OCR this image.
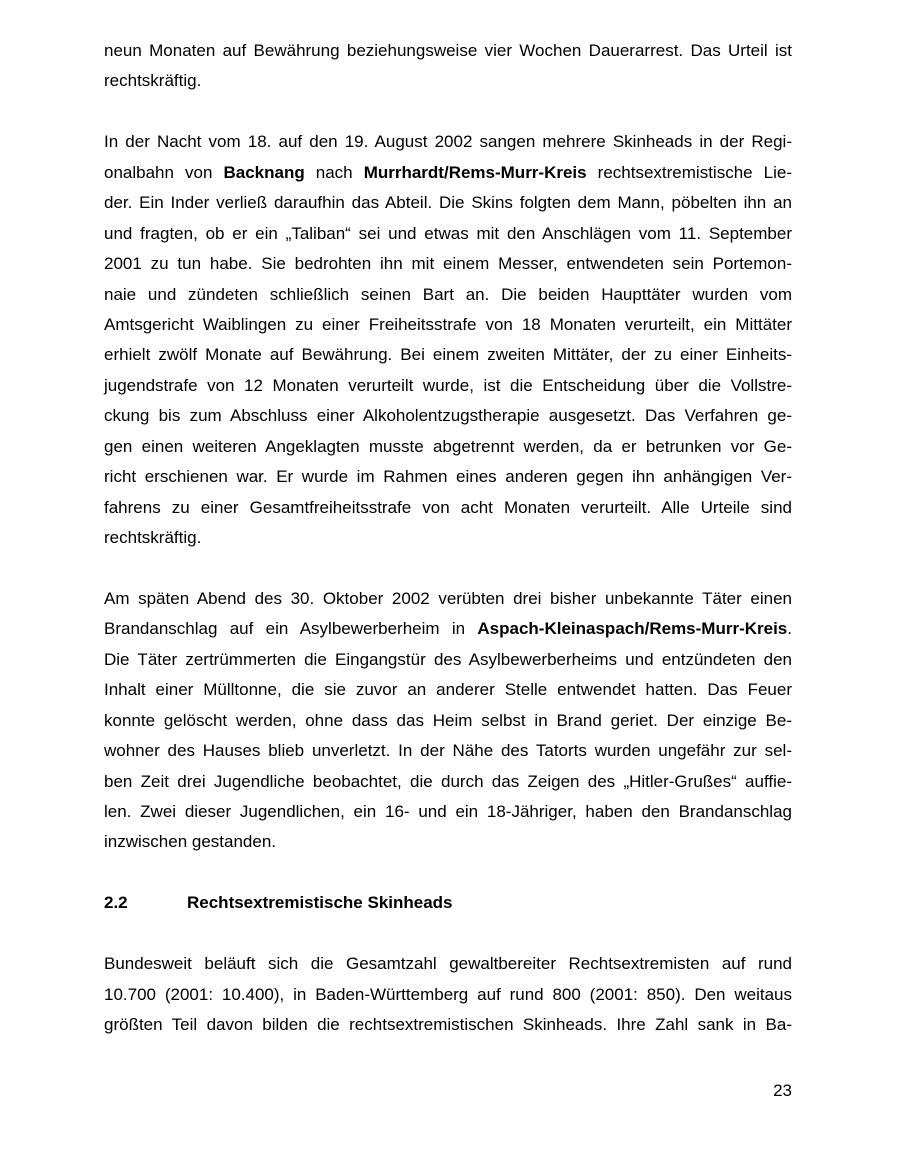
neun Monaten auf Bewährung beziehungsweise vier Wochen Dauerarrest. Das Urteil ist
rechtskräftig.
In der Nacht vom 18. auf den 19. August 2002 sangen mehrere Skinheads in der Regi-
onalbahn von Backnang nach Murrhardt/Rems-Murr-Kreis rechtsextremistische Lie-
der. Ein Inder verließ daraufhin das Abteil. Die Skins folgten dem Mann, pöbelten ihn an
und fragten, ob er ein „Taliban“ sei und etwas mit den Anschlägen vom 11. September
2001 zu tun habe. Sie bedrohten ihn mit einem Messer, entwendeten sein Portemon-
naie und zündeten schließlich seinen Bart an. Die beiden Haupttäter wurden vom
Amtsgericht Waiblingen zu einer Freiheitsstrafe von 18 Monaten verurteilt, ein Mittäter
erhielt zwölf Monate auf Bewährung. Bei einem zweiten Mittäter, der zu einer Einheits-
jugendstrafe von 12 Monaten verurteilt wurde, ist die Entscheidung über die Vollstre-
ckung bis zum Abschluss einer Alkoholentzugstherapie ausgesetzt. Das Verfahren ge-
gen einen weiteren Angeklagten musste abgetrennt werden, da er betrunken vor Ge-
richt erschienen war. Er wurde im Rahmen eines anderen gegen ihn anhängigen Ver-
fahrens zu einer Gesamtfreiheitsstrafe von acht Monaten verurteilt. Alle Urteile sind
rechtskräftig.
Am späten Abend des 30. Oktober 2002 verübten drei bisher unbekannte Täter einen
Brandanschlag auf ein Asylbewerberheim in Aspach-Kleinaspach/Rems-Murr-Kreis.
Die Täter zertrümmerten die Eingangstür des Asylbewerberheims und entzündeten den
Inhalt einer Mülltonne, die sie zuvor an anderer Stelle entwendet hatten. Das Feuer
konnte gelöscht werden, ohne dass das Heim selbst in Brand geriet. Der einzige Be-
wohner des Hauses blieb unverletzt. In der Nähe des Tatorts wurden ungefähr zur sel-
ben Zeit drei Jugendliche beobachtet, die durch das Zeigen des „Hitler-Grußes“ auffie-
len. Zwei dieser Jugendlichen, ein 16- und ein 18-Jähriger, haben den Brandanschlag
inzwischen gestanden.
2.2	Rechtsextremistische Skinheads
Bundesweit beläuft sich die Gesamtzahl gewaltbereiter Rechtsextremisten auf rund
10.700 (2001: 10.400), in Baden-Württemberg auf rund 800 (2001: 850). Den weitaus
größten Teil davon bilden die rechtsextremistischen Skinheads. Ihre Zahl sank in Ba-
23
